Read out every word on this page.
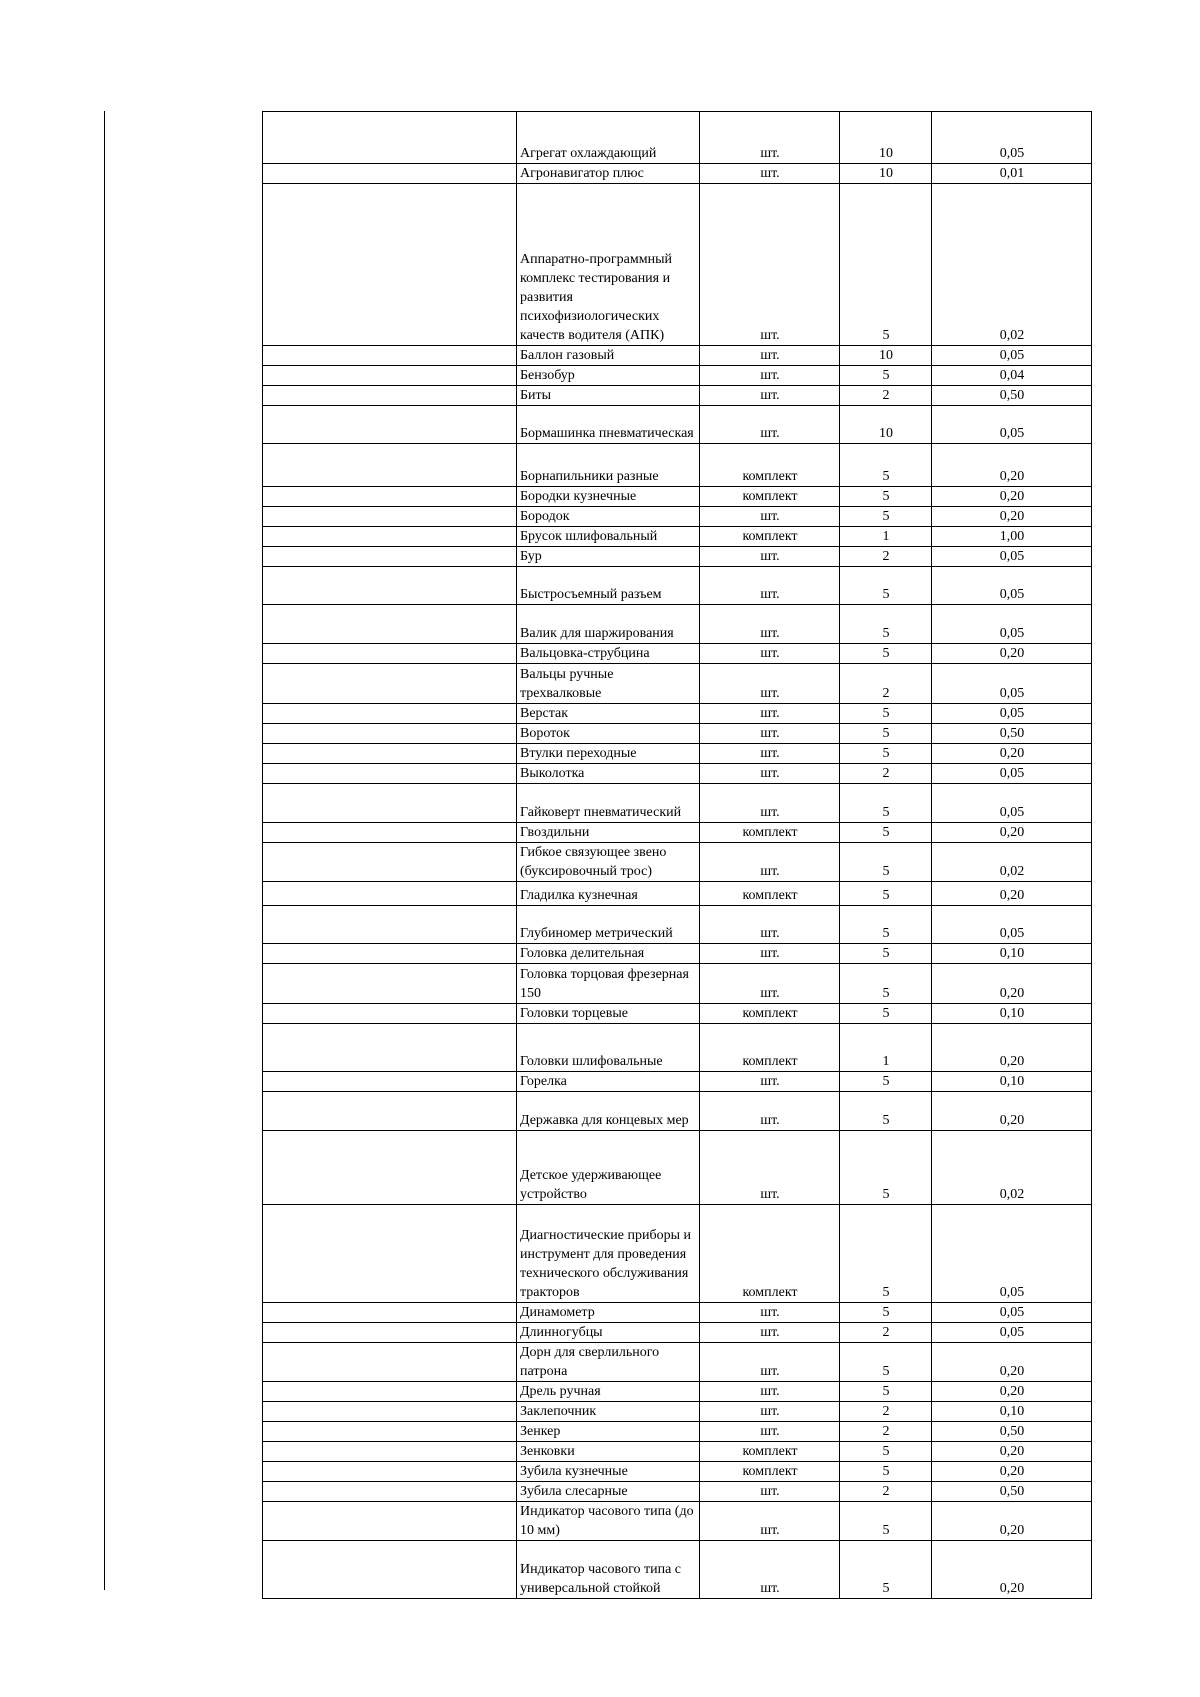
	Агрегат охлаждающий	шт.	10	0,05
	Агронавигатор плюс	шт.	10	0,01
	Аппаратно-программный комплекс тестирования и развития психофизиологических качеств водителя (АПК)	шт.	5	0,02
	Баллон газовый	шт.	10	0,05
	Бензобур	шт.	5	0,04
	Биты	шт.	2	0,50
	Бормашинка пневматическая	шт.	10	0,05
	Борнапильники разные	комплект	5	0,20
	Бородки кузнечные	комплект	5	0,20
	Бородок	шт.	5	0,20
	Брусок шлифовальный	комплект	1	1,00
	Бур	шт.	2	0,05
	Быстросъемный разъем	шт.	5	0,05
	Валик для шаржирования	шт.	5	0,05
	Вальцовка-струбцина	шт.	5	0,20
	Вальцы ручные трехвалковые	шт.	2	0,05
	Верстак	шт.	5	0,05
	Вороток	шт.	5	0,50
	Втулки переходные	шт.	5	0,20
	Выколотка	шт.	2	0,05
	Гайковерт пневматический	шт.	5	0,05
	Гвоздильни	комплект	5	0,20
	Гибкое связующее звено (буксировочный трос)	шт.	5	0,02
	Гладилка кузнечная	комплект	5	0,20
	Глубиномер метрический	шт.	5	0,05
	Головка делительная	шт.	5	0,10
	Головка торцовая фрезерная 150	шт.	5	0,20
	Головки торцевые	комплект	5	0,10
	Головки шлифовальные	комплект	1	0,20
	Горелка	шт.	5	0,10
	Державка для концевых мер	шт.	5	0,20
	Детское удерживающее устройство	шт.	5	0,02
	Диагностические приборы и инструмент для проведения технического обслуживания тракторов	комплект	5	0,05
	Динамометр	шт.	5	0,05
	Длинногубцы	шт.	2	0,05
	Дорн для сверлильного патрона	шт.	5	0,20
	Дрель ручная	шт.	5	0,20
	Заклепочник	шт.	2	0,10
	Зенкер	шт.	2	0,50
	Зенковки	комплект	5	0,20
	Зубила кузнечные	комплект	5	0,20
	Зубила слесарные	шт.	2	0,50
	Индикатор часового типа (до 10 мм)	шт.	5	0,20
	Индикатор часового типа с универсальной стойкой	шт.	5	0,20
